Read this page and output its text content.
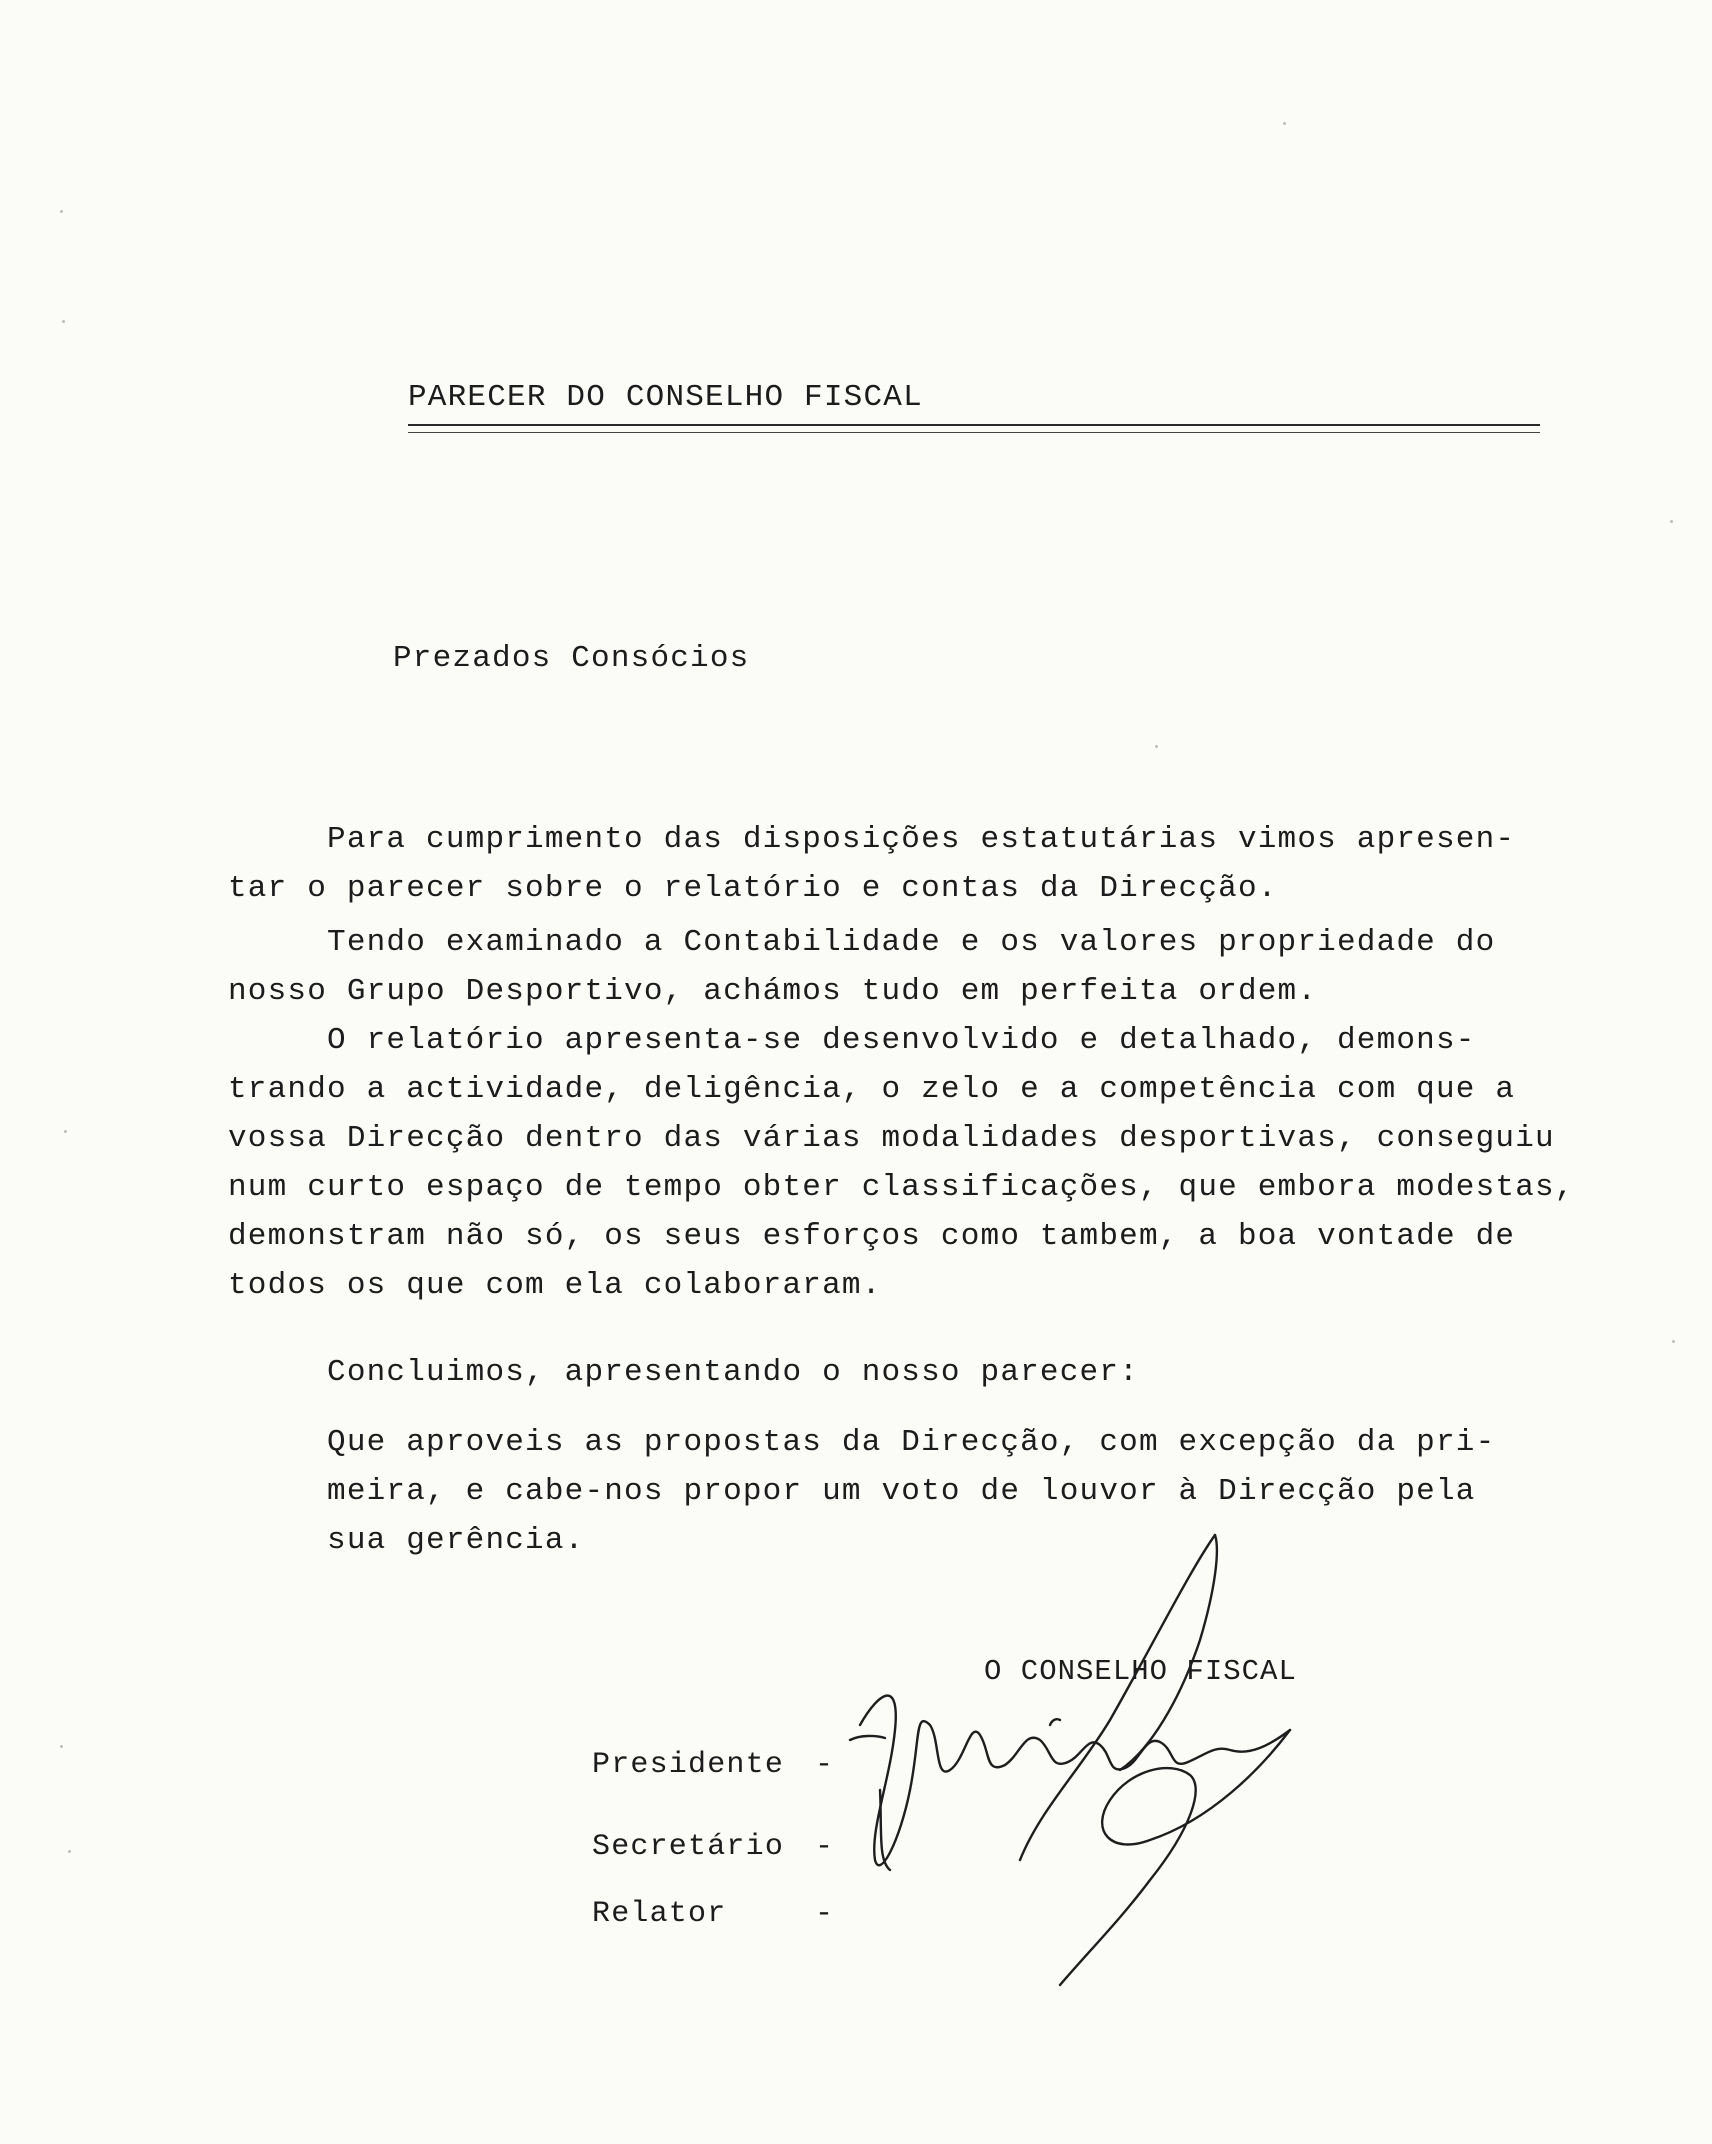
PARECER DO CONSELHO FISCAL
Prezados Consócios
Para cumprimento das disposições estatutárias vimos apresen-
tar o parecer sobre o relatório e contas da Direcção.
Tendo examinado a Contabilidade e os valores propriedade do
nosso Grupo Desportivo, achámos tudo em perfeita ordem.
O relatório apresenta-se desenvolvido e detalhado, demons-
trando a actividade, deligência, o zelo e a competência com que a
vossa Direcção dentro das várias modalidades desportivas, conseguiu
num curto espaço de tempo obter classificações, que embora modestas,
demonstram não só, os seus esforços como tambem, a boa vontade de
todos os que com ela colaboraram.
Concluimos, apresentando o nosso parecer:
Que aproveis as propostas da Direcção, com excepção da pri-
meira, e cabe-nos propor um voto de louvor à Direcção pela
sua gerência.
O CONSELHO FISCAL
Presidente
Secretário
Relator
-
-
-
